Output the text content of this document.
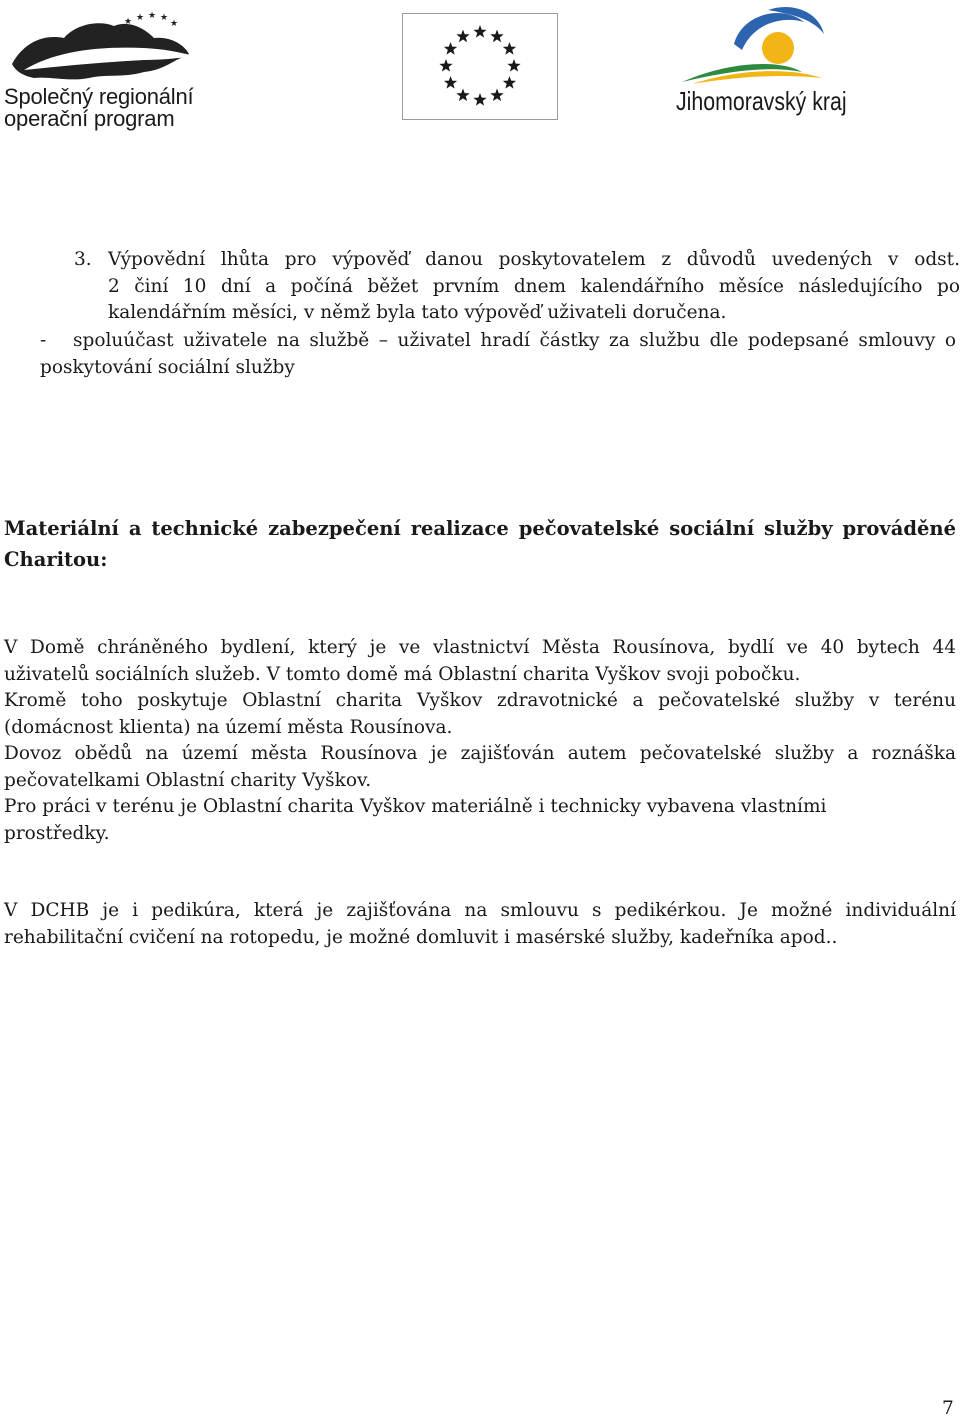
★ ★ ★ ★
★
Společný regionální
operační program
Jihomoravský kraj
3. Výpovědní lhůta pro výpověď danou poskytovatelem z důvodů uvedených v odst.
2 činí 10 dní a počíná běžet prvním dnem kalendářního měsíce následujícího po
kalendářním měsíci, v němž byla tato výpověď uživateli doručena.
-	spoluúčast uživatele na službě – uživatel hradí částky za službu dle podepsané smlouvy o poskytování sociální služby
Materiální a technické zabezpečení realizace pečovatelské sociální služby prováděné Charitou:
V Domě chráněného bydlení, který je ve vlastnictví Města Rousínova, bydlí ve 40 bytech 44
uživatelů sociálních služeb. V tomto domě má Oblastní charita Vyškov svoji pobočku.
Kromě toho poskytuje Oblastní charita Vyškov zdravotnické a pečovatelské služby v terénu
(domácnost klienta) na území města Rousínova.
Dovoz obědů na území města Rousínova je zajišťován autem pečovatelské služby a roznáška
pečovatelkami Oblastní charity Vyškov.
Pro práci v terénu je Oblastní charita Vyškov materiálně i technicky vybavena vlastními
prostředky.
V DCHB je i pedikúra, která je zajišťována na smlouvu s pedikérkou. Je možné individuální
rehabilitační cvičení na rotopedu, je možné domluvit i masérské služby, kadeřníka apod..
7
